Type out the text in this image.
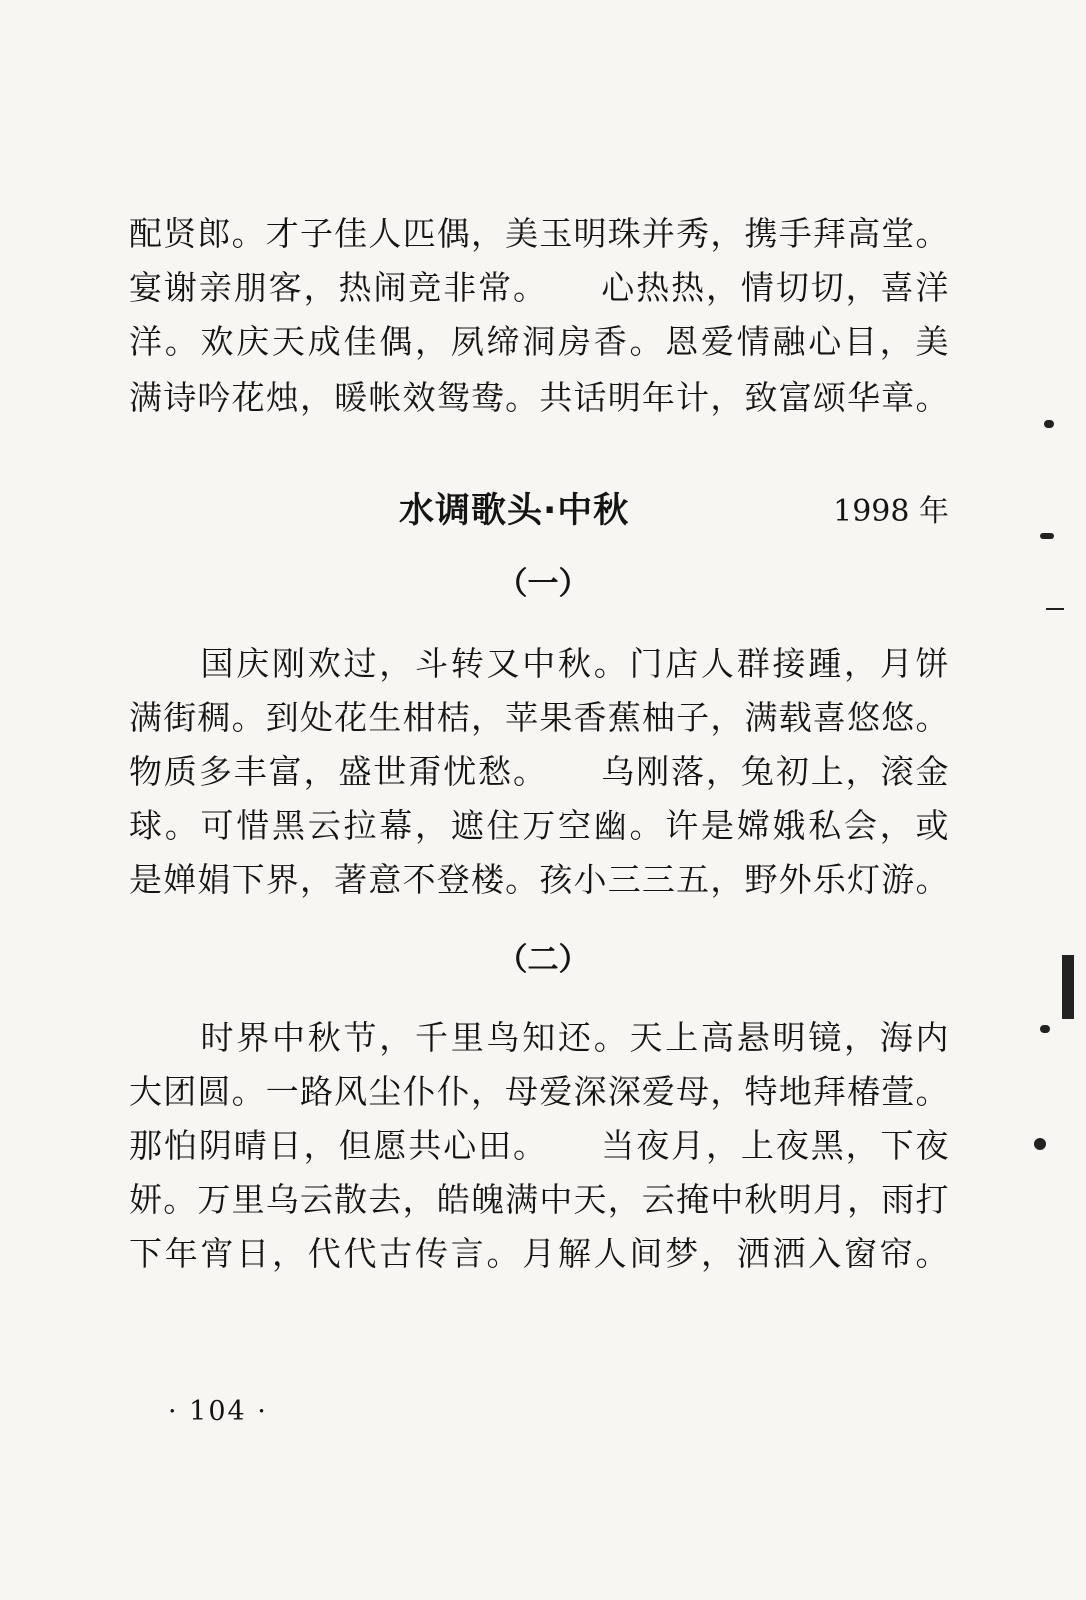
配贤郎。才子佳人匹偶，美玉明珠并秀，携手拜高堂。
宴谢亲朋客，热闹竞非常。　　心热热，情切切，喜洋
洋。欢庆天成佳偶，夙缔洞房香。恩爱情融心目，美
满诗吟花烛，暖帐效鸳鸯。共话明年计，致富颂华章。
水调歌头·中秋	1998 年
（一）
　　国庆刚欢过，斗转又中秋。门店人群接踵，月饼
满街稠。到处花生柑桔，苹果香蕉柚子，满载喜悠悠。
物质多丰富，盛世甭忧愁。　　乌刚落，兔初上，滚金
球。可惜黑云拉幕，遮住万空幽。许是嫦娥私会，或
是婵娟下界，著意不登楼。孩小三三五，野外乐灯游。
（二）
　　时界中秋节，千里鸟知还。天上高悬明镜，海内
大团圆。一路风尘仆仆，母爱深深爱母，特地拜椿萱。
那怕阴晴日，但愿共心田。　　当夜月，上夜黑，下夜
妍。万里乌云散去，皓魄满中天，云掩中秋明月，雨打
下年宵日，代代古传言。月解人间梦，洒洒入窗帘。
· 104 ·
